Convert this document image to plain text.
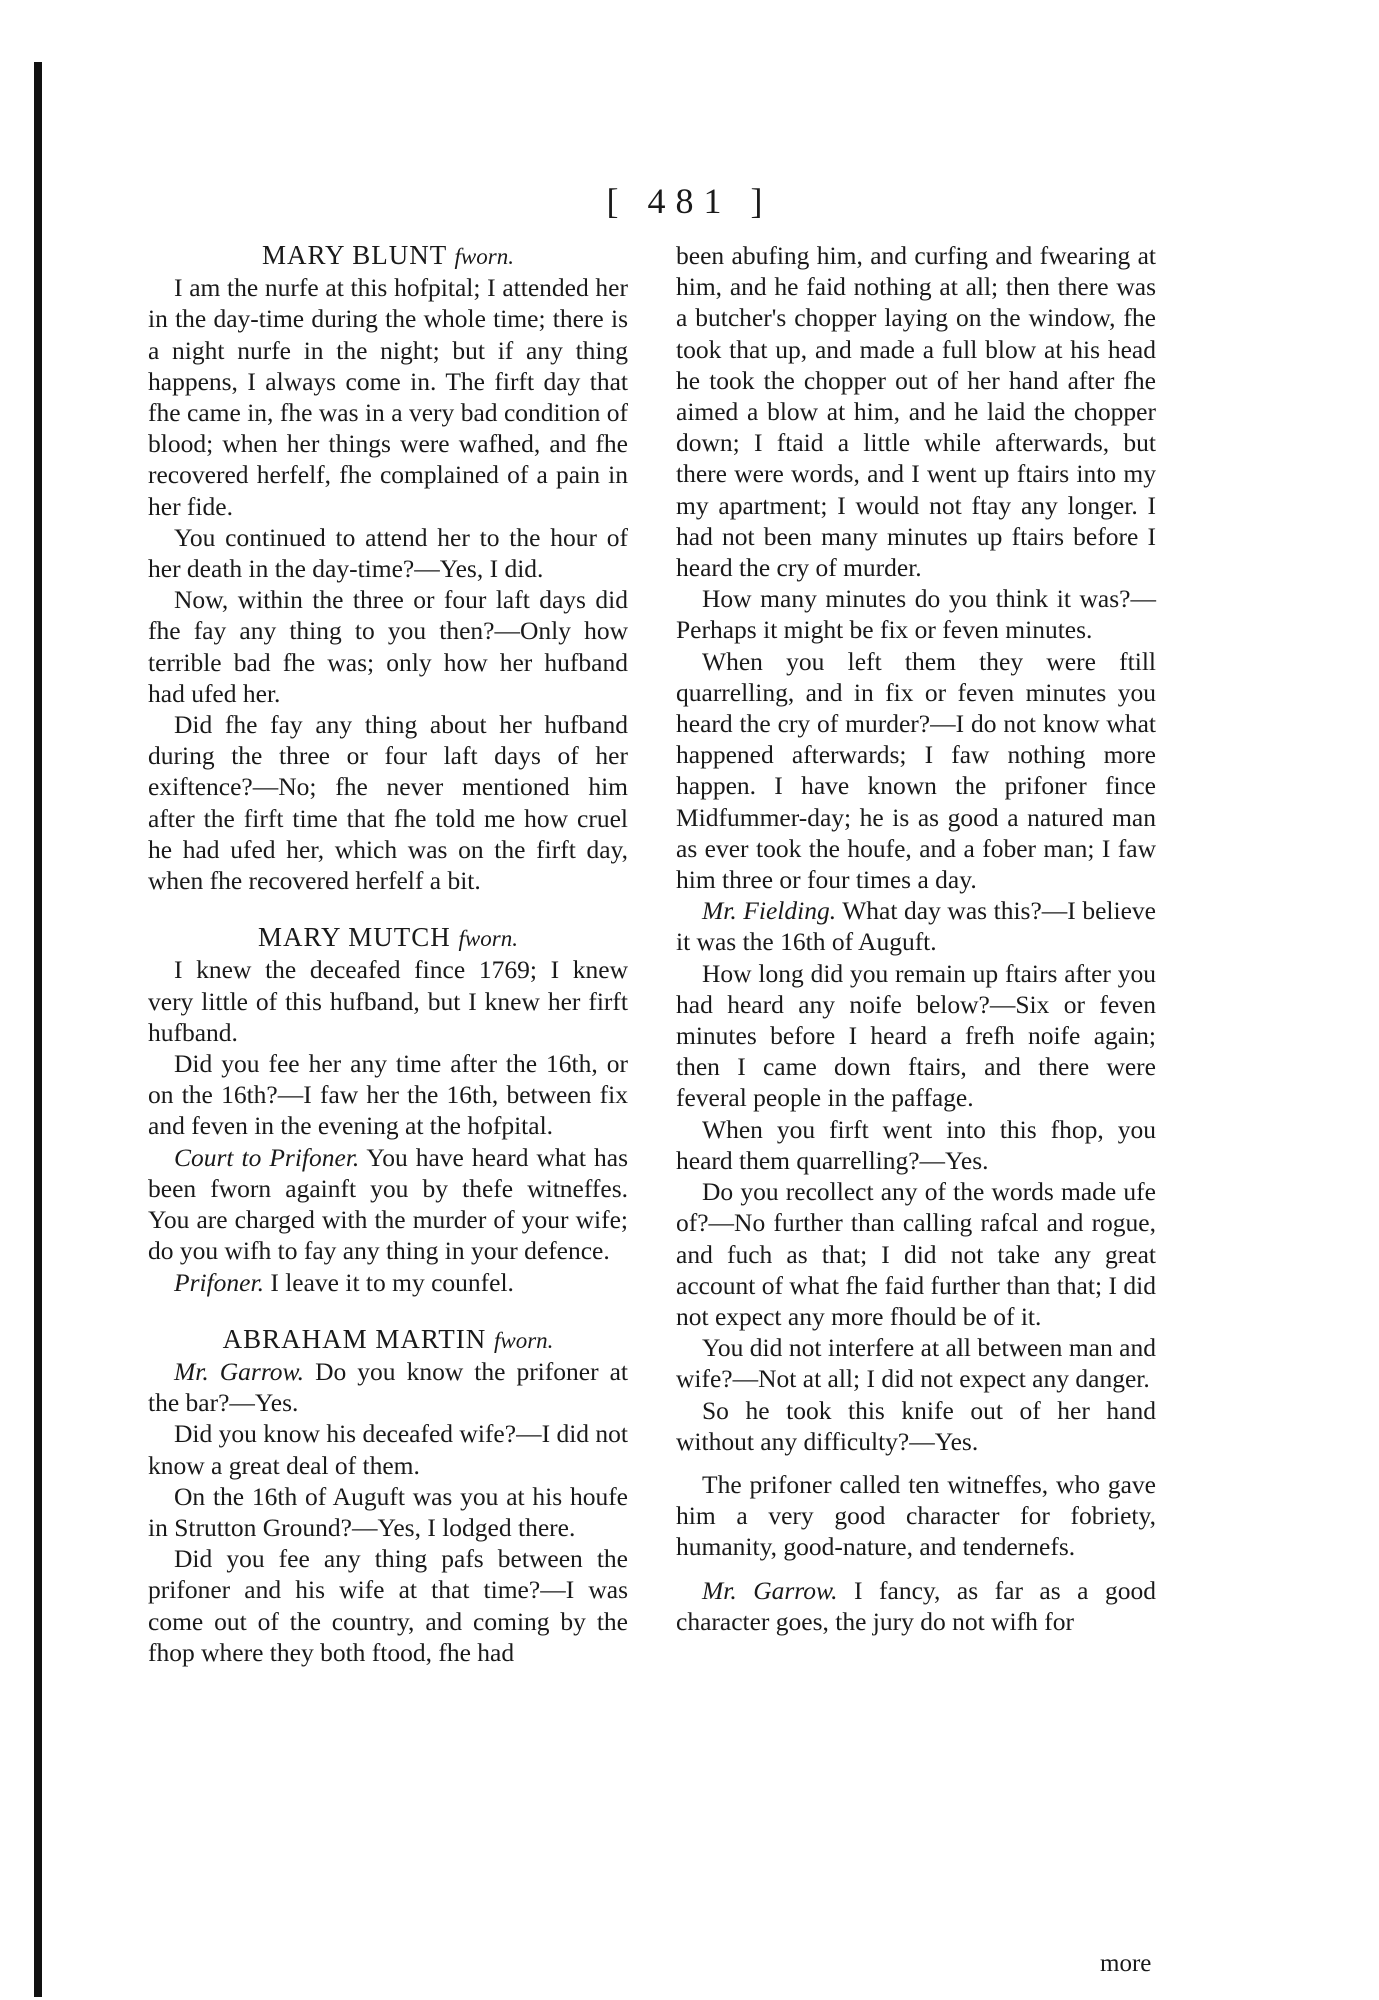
[ 481 ]
MARY BLUNT fworn.

I am the nurfe at this hofpital; I attended her in the day-time during the whole time; there is a night nurfe in the night; but if any thing happens, I always come in. The firft day that fhe came in, fhe was in a very bad condition of blood; when her things were wafhed, and fhe recovered herfelf, fhe complained of a pain in her fide.

You continued to attend her to the hour of her death in the day-time?—Yes, I did.

Now, within the three or four laft days did fhe fay any thing to you then?—Only how terrible bad fhe was; only how her hufband had ufed her.

Did fhe fay any thing about her hufband during the three or four laft days of her exiftence?—No; fhe never mentioned him after the firft time that fhe told me how cruel he had ufed her, which was on the firft day, when fhe recovered herfelf a bit.

MARY MUTCH fworn.

I knew the deceafed fince 1769; I knew very little of this hufband, but I knew her firft hufband.

Did you fee her any time after the 16th, or on the 16th?—I faw her the 16th, between fix and feven in the evening at the hofpital.

Court to Prifoner. You have heard what has been fworn againft you by thefe witneffes. You are charged with the murder of your wife; do you wifh to fay any thing in your defence.

Prifoner. I leave it to my counfel.

ABRAHAM MARTIN fworn.

Mr. Garrow. Do you know the prifoner at the bar?—Yes.

Did you know his deceafed wife?—I did not know a great deal of them.

On the 16th of Auguft was you at his houfe in Strutton Ground?—Yes, I lodged there.

Did you fee any thing pafs between the prifoner and his wife at that time?—I was come out of the country, and coming by the fhop where they both ftood, fhe had

been abufing him, and curfing and fwearing at him, and he faid nothing at all; then there was a butcher's chopper laying on the window, fhe took that up, and made a full blow at his head he took the chopper out of her hand after fhe aimed a blow at him, and he laid the chopper down; I ftaid a little while afterwards, but there were words, and I went up ftairs into my my apartment; I would not ftay any longer. I had not been many minutes up ftairs before I heard the cry of murder.

How many minutes do you think it was?—Perhaps it might be fix or feven minutes.

When you left them they were ftill quarrelling, and in fix or feven minutes you heard the cry of murder?—I do not know what happened afterwards; I faw nothing more happen. I have known the prifoner fince Midfummer-day; he is as good a natured man as ever took the houfe, and a fober man; I faw him three or four times a day.

Mr. Fielding. What day was this?—I believe it was the 16th of Auguft.

How long did you remain up ftairs after you had heard any noife below?—Six or feven minutes before I heard a frefh noife again; then I came down ftairs, and there were feveral people in the paffage.

When you firft went into this fhop, you heard them quarrelling?—Yes.

Do you recollect any of the words made ufe of?—No further than calling rafcal and rogue, and fuch as that; I did not take any great account of what fhe faid further than that; I did not expect any more fhould be of it.

You did not interfere at all between man and wife?—Not at all; I did not expect any danger.

So he took this knife out of her hand without any difficulty?—Yes.

The prifoner called ten witneffes, who gave him a very good character for fobriety, humanity, good-nature, and tendernefs.

Mr. Garrow. I fancy, as far as a good character goes, the jury do not wifh for

more
